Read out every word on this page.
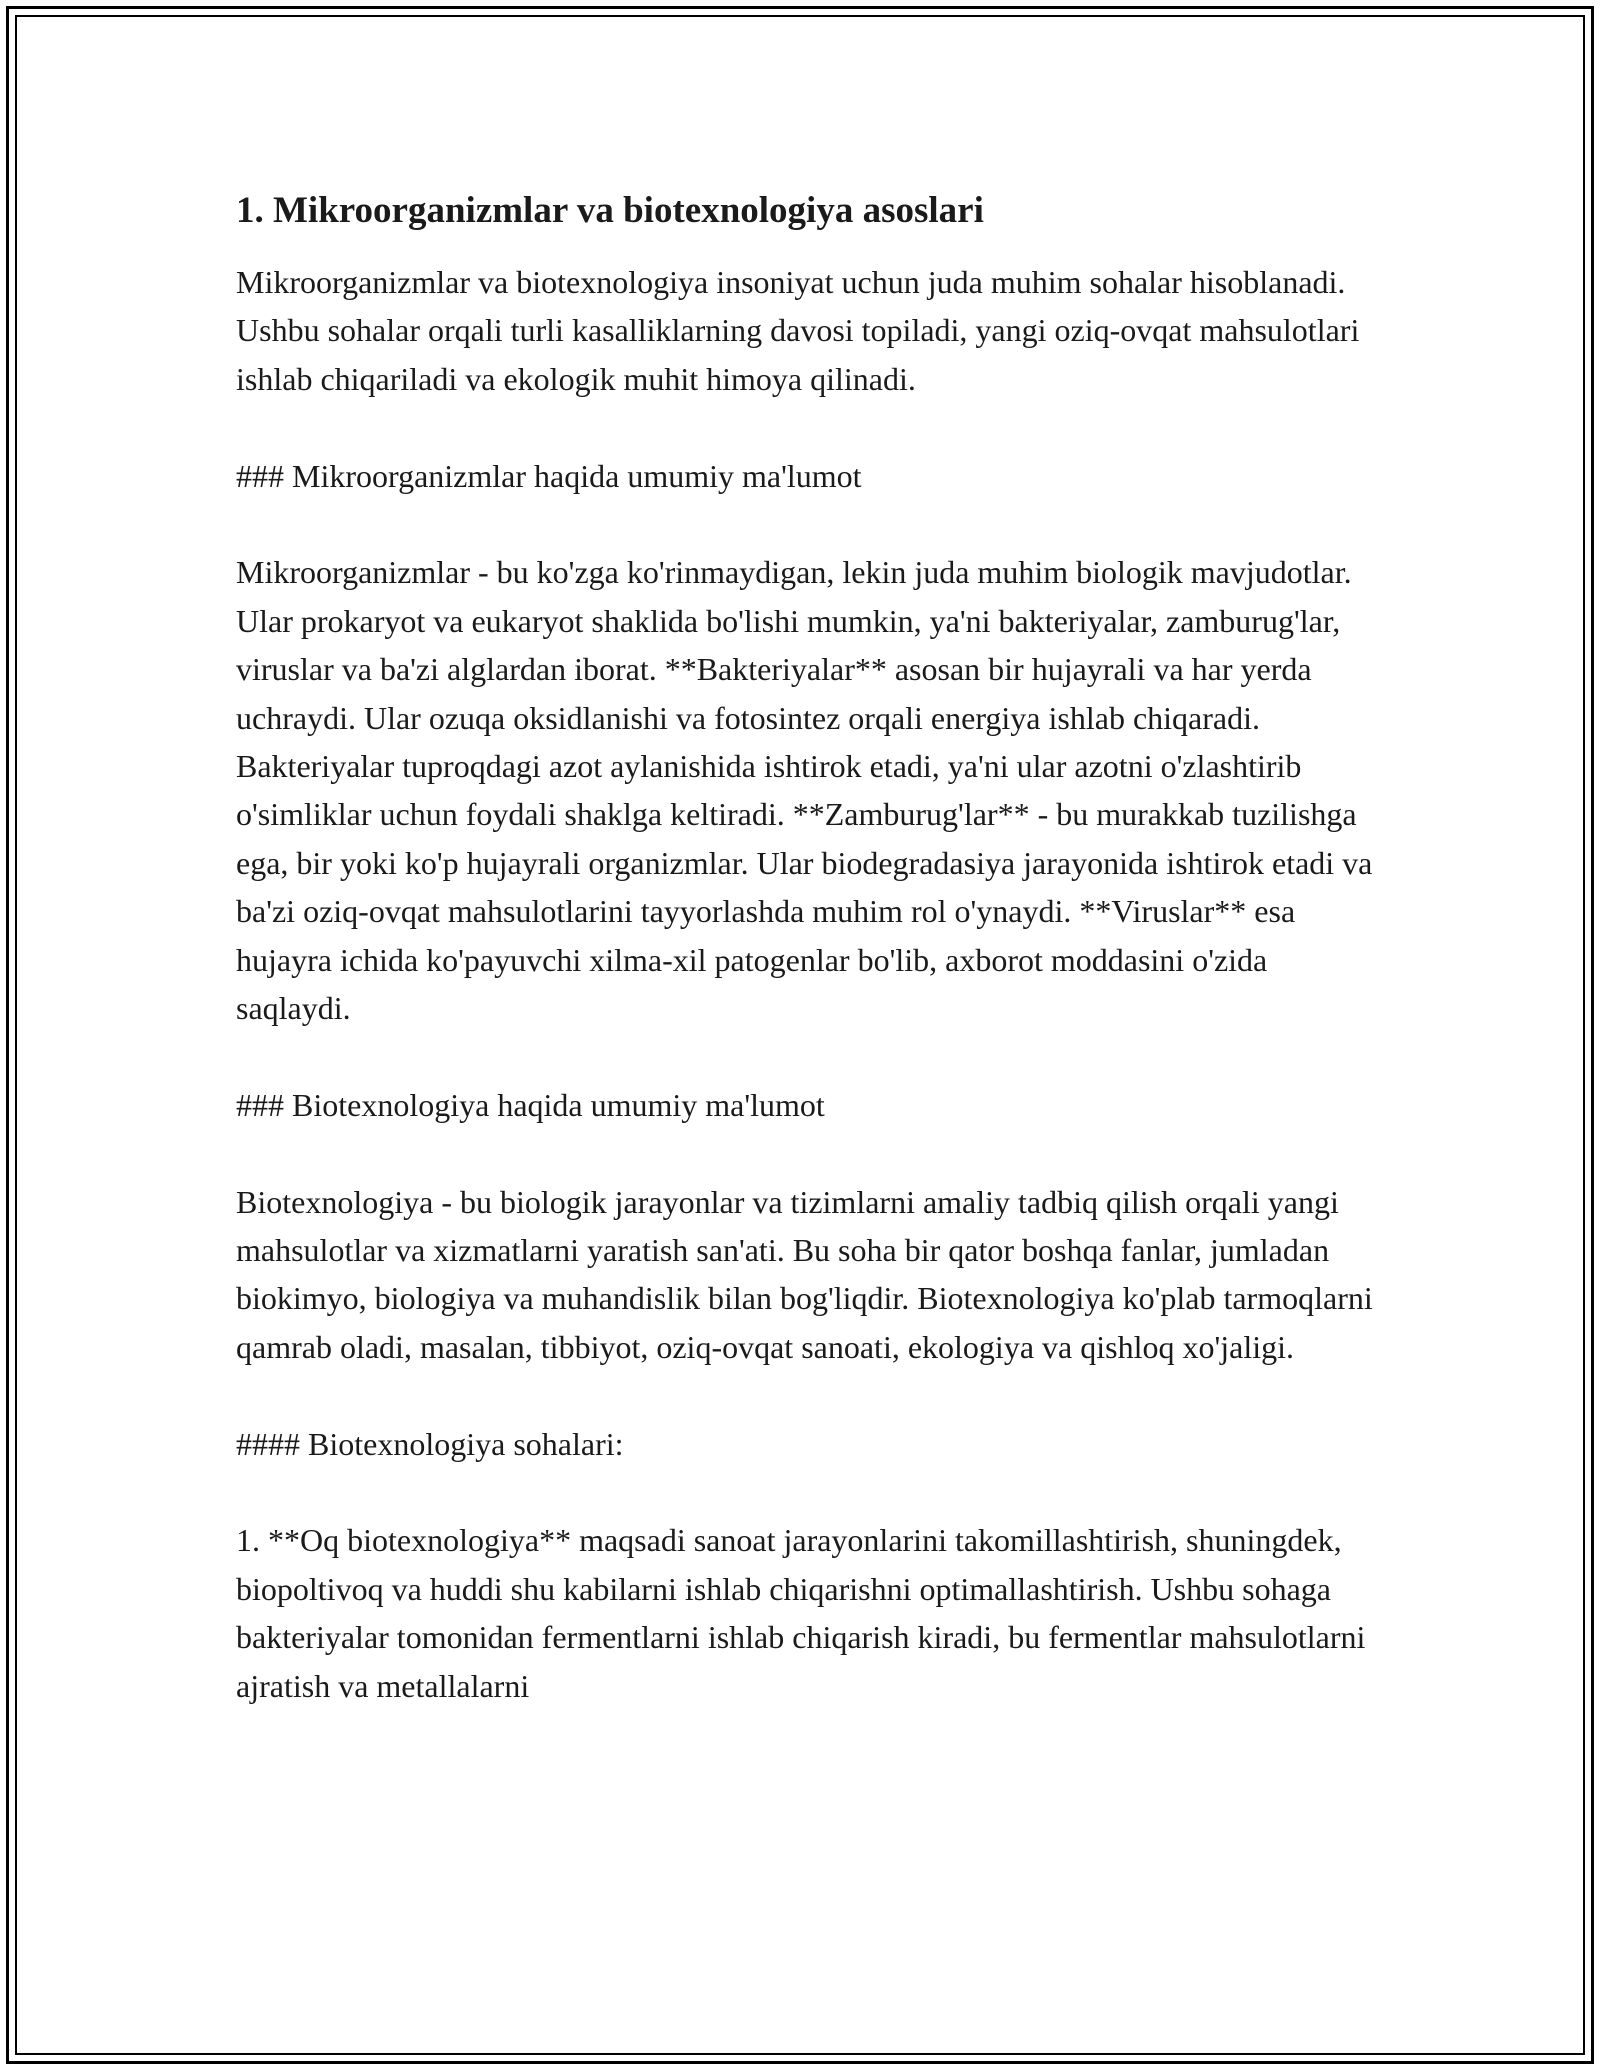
1. Mikroorganizmlar va biotexnologiya asoslari

Mikroorganizmlar va biotexnologiya insoniyat uchun juda muhim sohalar hisoblanadi. Ushbu sohalar orqali turli kasalliklarning davosi topiladi, yangi oziq-ovqat mahsulotlari ishlab chiqariladi va ekologik muhit himoya qilinadi.

### Mikroorganizmlar haqida umumiy ma'lumot

Mikroorganizmlar - bu ko'zga ko'rinmaydigan, lekin juda muhim biologik mavjudotlar. Ular prokaryot va eukaryot shaklida bo'lishi mumkin, ya'ni bakteriyalar, zamburug'lar, viruslar va ba'zi alglardan iborat. **Bakteriyalar** asosan bir hujayrali va har yerda uchraydi. Ular ozuqa oksidlanishi va fotosintez orqali energiya ishlab chiqaradi. Bakteriyalar tuproqdagi azot aylanishida ishtirok etadi, ya'ni ular azotni o'zlashtirib o'simliklar uchun foydali shaklga keltiradi. **Zamburug'lar** - bu murakkab tuzilishga ega, bir yoki ko'p hujayrali organizmlar. Ular biodegradasiya jarayonida ishtirok etadi va ba'zi oziq-ovqat mahsulotlarini tayyorlashda muhim rol o'ynaydi. **Viruslar** esa hujayra ichida ko'payuvchi xilma-xil patogenlar bo'lib, axborot moddasini o'zida saqlaydi.

### Biotexnologiya haqida umumiy ma'lumot

Biotexnologiya - bu biologik jarayonlar va tizimlarni amaliy tadbiq qilish orqali yangi mahsulotlar va xizmatlarni yaratish san'ati. Bu soha bir qator boshqa fanlar, jumladan biokimyo, biologiya va muhandislik bilan bog'liqdir. Biotexnologiya ko'plab tarmoqlarni qamrab oladi, masalan, tibbiyot, oziq-ovqat sanoati, ekologiya va qishloq xo'jaligi.

#### Biotexnologiya sohalari:

1. **Oq biotexnologiya** maqsadi sanoat jarayonlarini takomillashtirish, shuningdek, biopoltivoq va huddi shu kabilarni ishlab chiqarishni optimallashtirish. Ushbu sohaga bakteriyalar tomonidan fermentlarni ishlab chiqarish kiradi, bu fermentlar mahsulotlarni ajratish va metallalarni
